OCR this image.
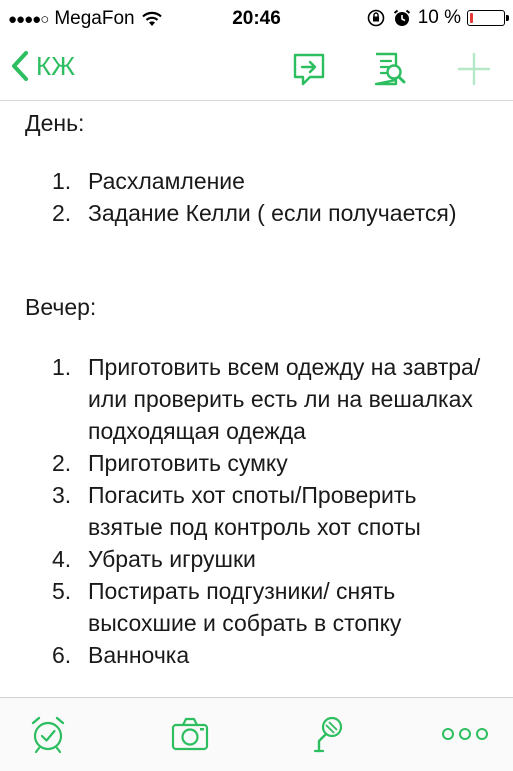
●●●●○ MegaFon	20:46	10 %
КЖ
День:
1. Расхламление
2. Задание Келли ( если получается)
Вечер:
1. Приготовить всем одежду на завтра/ или проверить есть ли на вешалках подходящая одежда
2. Приготовить сумку
3. Погасить хот споты/Проверить взятые под контроль хот споты
4. Убрать игрушки
5. Постирать подгузники/ снять высохшие и собрать в стопку
6. Ванночка
